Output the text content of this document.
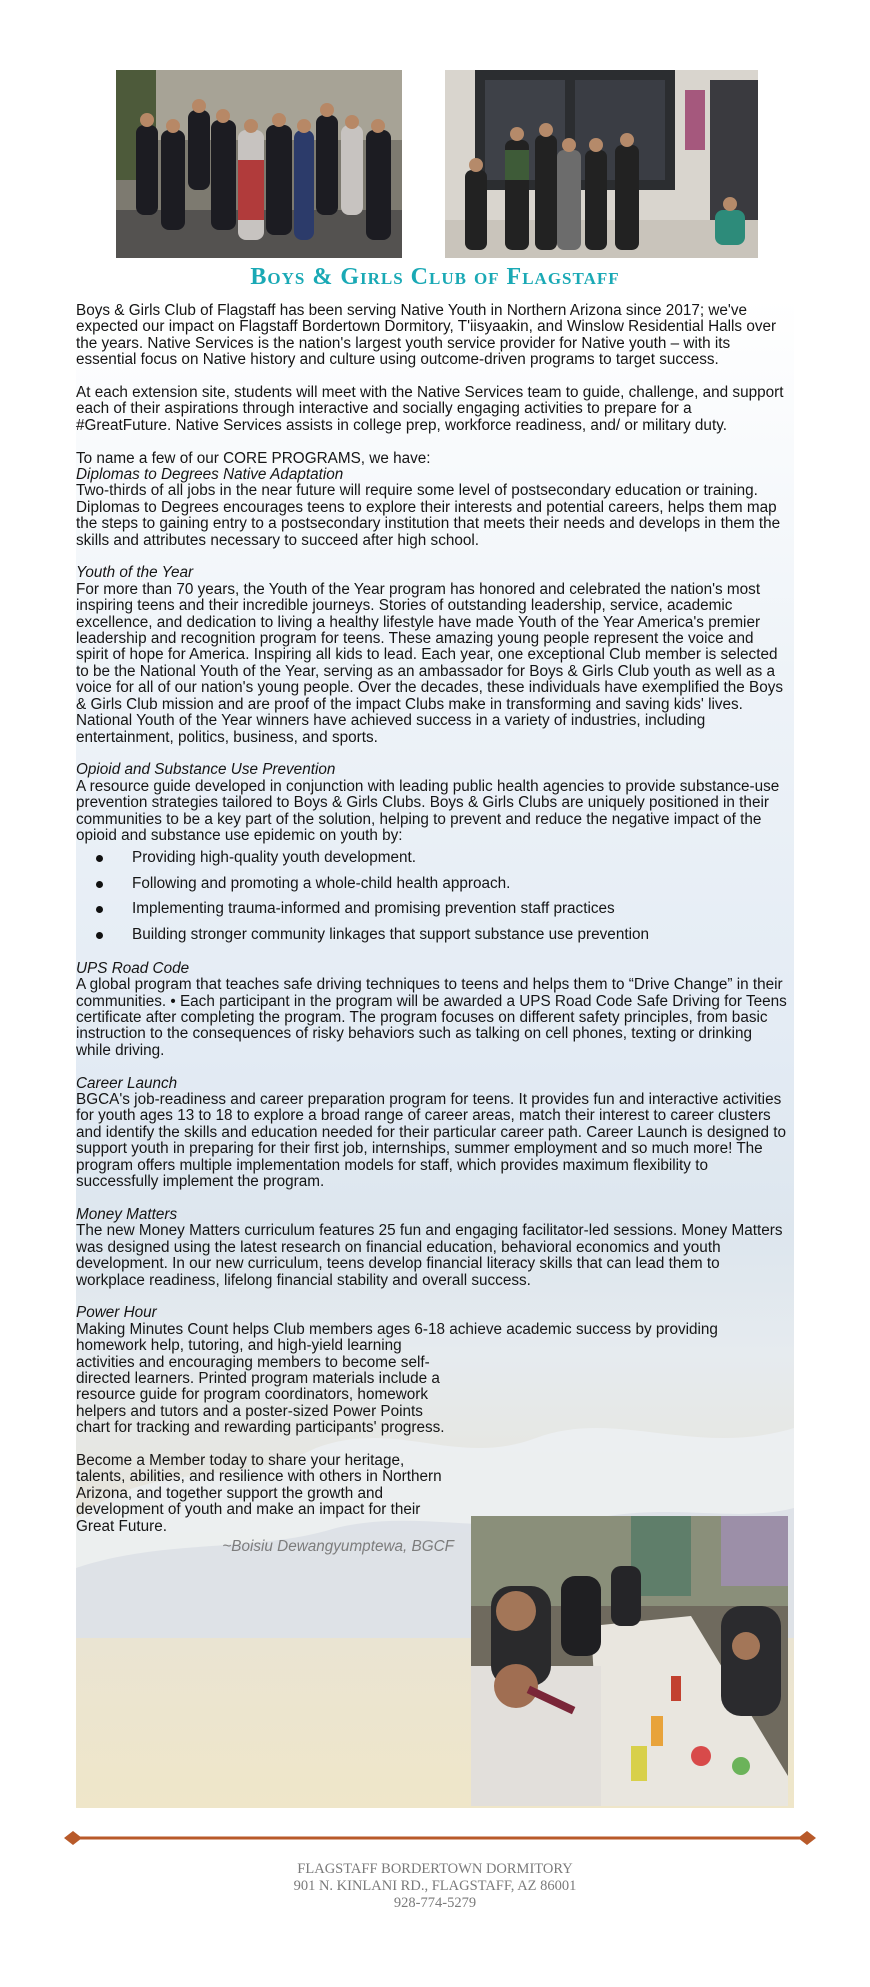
Boys & Girls Club of Flagstaff

Boys & Girls Club of Flagstaff has been serving Native Youth in Northern Arizona since 2017; we've expected our impact on Flagstaff Bordertown Dormitory, T'iisyaakin, and Winslow Residential Halls over the years. Native Services is the nation's largest youth service provider for Native youth – with its essential focus on Native history and culture using outcome-driven programs to target success.

At each extension site, students will meet with the Native Services team to guide, challenge, and support each of their aspirations through interactive and socially engaging activities to prepare for a #GreatFuture. Native Services assists in college prep, workforce readiness, and/ or military duty.

To name a few of our CORE PROGRAMS, we have:

Diplomas to Degrees Native Adaptation

Two-thirds of all jobs in the near future will require some level of postsecondary education or training. Diplomas to Degrees encourages teens to explore their interests and potential careers, helps them map the steps to gaining entry to a postsecondary institution that meets their needs and develops in them the skills and attributes necessary to succeed after high school.

Youth of the Year

For more than 70 years, the Youth of the Year program has honored and celebrated the nation's most inspiring teens and their incredible journeys. Stories of outstanding leadership, service, academic excellence, and dedication to living a healthy lifestyle have made Youth of the Year America's premier leadership and recognition program for teens. These amazing young people represent the voice and spirit of hope for America. Inspiring all kids to lead. Each year, one exceptional Club member is selected to be the National Youth of the Year, serving as an ambassador for Boys & Girls Club youth as well as a voice for all of our nation's young people. Over the decades, these individuals have exemplified the Boys & Girls Club mission and are proof of the impact Clubs make in transforming and saving kids' lives. National Youth of the Year winners have achieved success in a variety of industries, including entertainment, politics, business, and sports.

Opioid and Substance Use Prevention

A resource guide developed in conjunction with leading public health agencies to provide substance-use prevention strategies tailored to Boys & Girls Clubs. Boys & Girls Clubs are uniquely positioned in their communities to be a key part of the solution, helping to prevent and reduce the negative impact of the opioid and substance use epidemic on youth by:

Providing high-quality youth development.
Following and promoting a whole-child health approach.
Implementing trauma-informed and promising prevention staff practices
Building stronger community linkages that support substance use prevention
UPS Road Code

A global program that teaches safe driving techniques to teens and helps them to “Drive Change” in their communities. • Each participant in the program will be awarded a UPS Road Code Safe Driving for Teens certificate after completing the program. The program focuses on different safety principles, from basic instruction to the consequences of risky behaviors such as talking on cell phones, texting or drinking while driving.

Career Launch

BGCA's job-readiness and career preparation program for teens. It provides fun and interactive activities for youth ages 13 to 18 to explore a broad range of career areas, match their interest to career clusters and identify the skills and education needed for their particular career path. Career Launch is designed to support youth in preparing for their first job, internships, summer employment and so much more! The program offers multiple implementation models for staff, which provides maximum flexibility to successfully implement the program.

Money Matters

The new Money Matters curriculum features 25 fun and engaging facilitator-led sessions. Money Matters was designed using the latest research on financial education, behavioral economics and youth development. In our new curriculum, teens develop financial literacy skills that can lead them to workplace readiness, lifelong financial stability and overall success.

Power Hour
Making Minutes Count helps Club members ages 6-18 achieve academic success by providing

homework help, tutoring, and high-yield learning activities and encouraging members to become self-directed learners. Printed program materials include a resource guide for program coordinators, homework helpers and tutors and a poster-sized Power Points chart for tracking and rewarding participants' progress.

Become a Member today to share your heritage, talents, abilities, and resilience with others in Northern Arizona, and together support the growth and development of youth and make an impact for their Great Future.

~Boisiu Dewangyumptewa, BGCF
FLAGSTAFF BORDERTOWN DORMITORY
901 N. KINLANI RD., FLAGSTAFF, AZ 86001
928-774-5279
